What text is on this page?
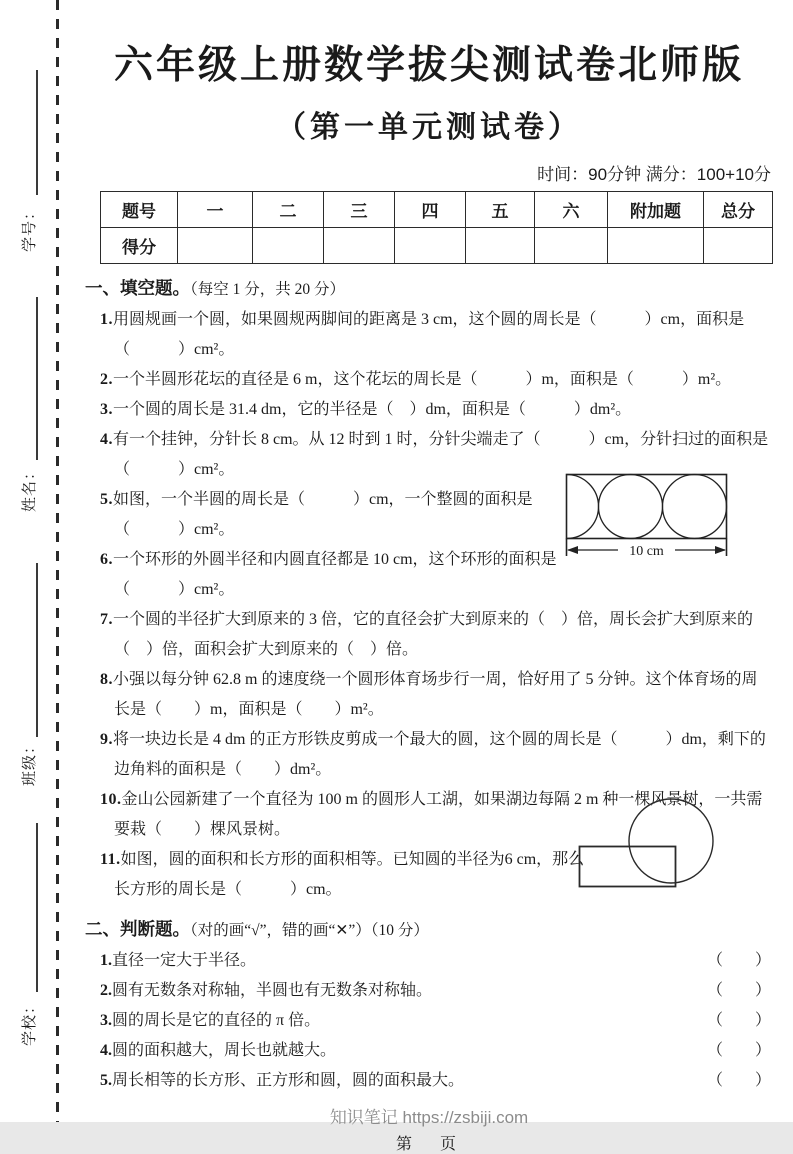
学号：
姓名：
班级：
学校：
六年级上册数学拔尖测试卷北师版
（第一单元测试卷）
时间：90分钟 满分：100+10分
题号	一	二	三	四	五	六	附加题	总分
得分								
一、填空题。（每空 1 分，共 20 分）
1.用圆规画一个圆，如果圆规两脚间的距离是 3 cm，这个圆的周长是（　　　）cm，面积是（　　　）cm²。
2.一个半圆形花坛的直径是 6 m，这个花坛的周长是（　　　）m，面积是（　　　）m²。
3.一个圆的周长是 31.4 dm，它的半径是（　）dm，面积是（　　　）dm²。
4.有一个挂钟，分针长 8 cm。从 12 时到 1 时，分针尖端走了（　　　）cm，分针扫过的面积是（　　　）cm²。
5.如图，一个半圆的周长是（　　　）cm，一个整圆的面积是（　　　）cm²。
6.一个环形的外圆半径和内圆直径都是 10 cm，这个环形的面积是（　　　）cm²。
7.一个圆的半径扩大到原来的 3 倍，它的直径会扩大到原来的（　）倍，周长会扩大到原来的（　）倍，面积会扩大到原来的（　）倍。
8.小强以每分钟 62.8 m 的速度绕一个圆形体育场步行一周，恰好用了 5 分钟。这个体育场的周长是（　　）m，面积是（　　）m²。
9.将一块边长是 4 dm 的正方形铁皮剪成一个最大的圆，这个圆的周长是（　　　）dm，剩下的边角料的面积是（　　）dm²。
10.金山公园新建了一个直径为 100 m 的圆形人工湖，如果湖边每隔 2 m 种一棵风景树，一共需要栽（　　）棵风景树。
11.如图，圆的面积和长方形的面积相等。已知圆的半径为6 cm，那么长方形的周长是（　　　）cm。
二、判断题。（对的画“√”，错的画“✕”）（10 分）
1.直径一定大于半径。	（　　）
2.圆有无数条对称轴，半圆也有无数条对称轴。	（　　）
3.圆的周长是它的直径的 π 倍。	（　　）
4.圆的面积越大，周长也就越大。	（　　）
5.周长相等的长方形、正方形和圆，圆的面积最大。	（　　）
知识笔记 https://zsbiji.com
第　页
10 cm
